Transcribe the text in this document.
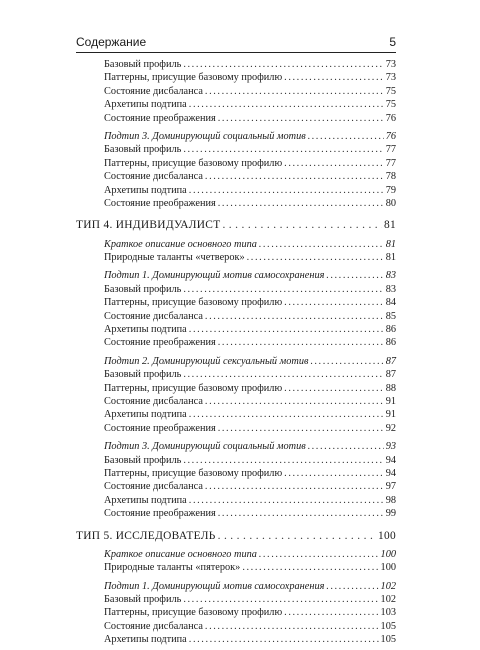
Содержание	5
Базовый профиль .....	73
Паттерны, присущие базовому профилю .....	73
Состояние дисбаланса .....	75
Архетипы подтипа .....	75
Состояние преображения .....	76
Подтип 3. Доминирующий социальный мотив .....	76
Базовый профиль .....	77
Паттерны, присущие базовому профилю .....	77
Состояние дисбаланса .....	78
Архетипы подтипа .....	79
Состояние преображения .....	80
ТИП 4. ИНДИВИДУАЛИСТ .....	81
Краткое описание основного типа .....	81
Природные таланты «четверок» .....	81
Подтип 1. Доминирующий мотив самосохранения .....	83
Базовый профиль .....	83
Паттерны, присущие базовому профилю .....	84
Состояние дисбаланса .....	85
Архетипы подтипа .....	86
Состояние преображения .....	86
Подтип 2. Доминирующий сексуальный мотив .....	87
Базовый профиль .....	87
Паттерны, присущие базовому профилю .....	88
Состояние дисбаланса .....	91
Архетипы подтипа .....	91
Состояние преображения .....	92
Подтип 3. Доминирующий социальный мотив .....	93
Базовый профиль .....	94
Паттерны, присущие базовому профилю .....	94
Состояние дисбаланса .....	97
Архетипы подтипа .....	98
Состояние преображения .....	99
ТИП 5. ИССЛЕДОВАТЕЛЬ .....	100
Краткое описание основного типа .....	100
Природные таланты «пятерок» .....	100
Подтип 1. Доминирующий мотив самосохранения .....	102
Базовый профиль .....	102
Паттерны, присущие базовому профилю .....	103
Состояние дисбаланса .....	105
Архетипы подтипа .....	105
